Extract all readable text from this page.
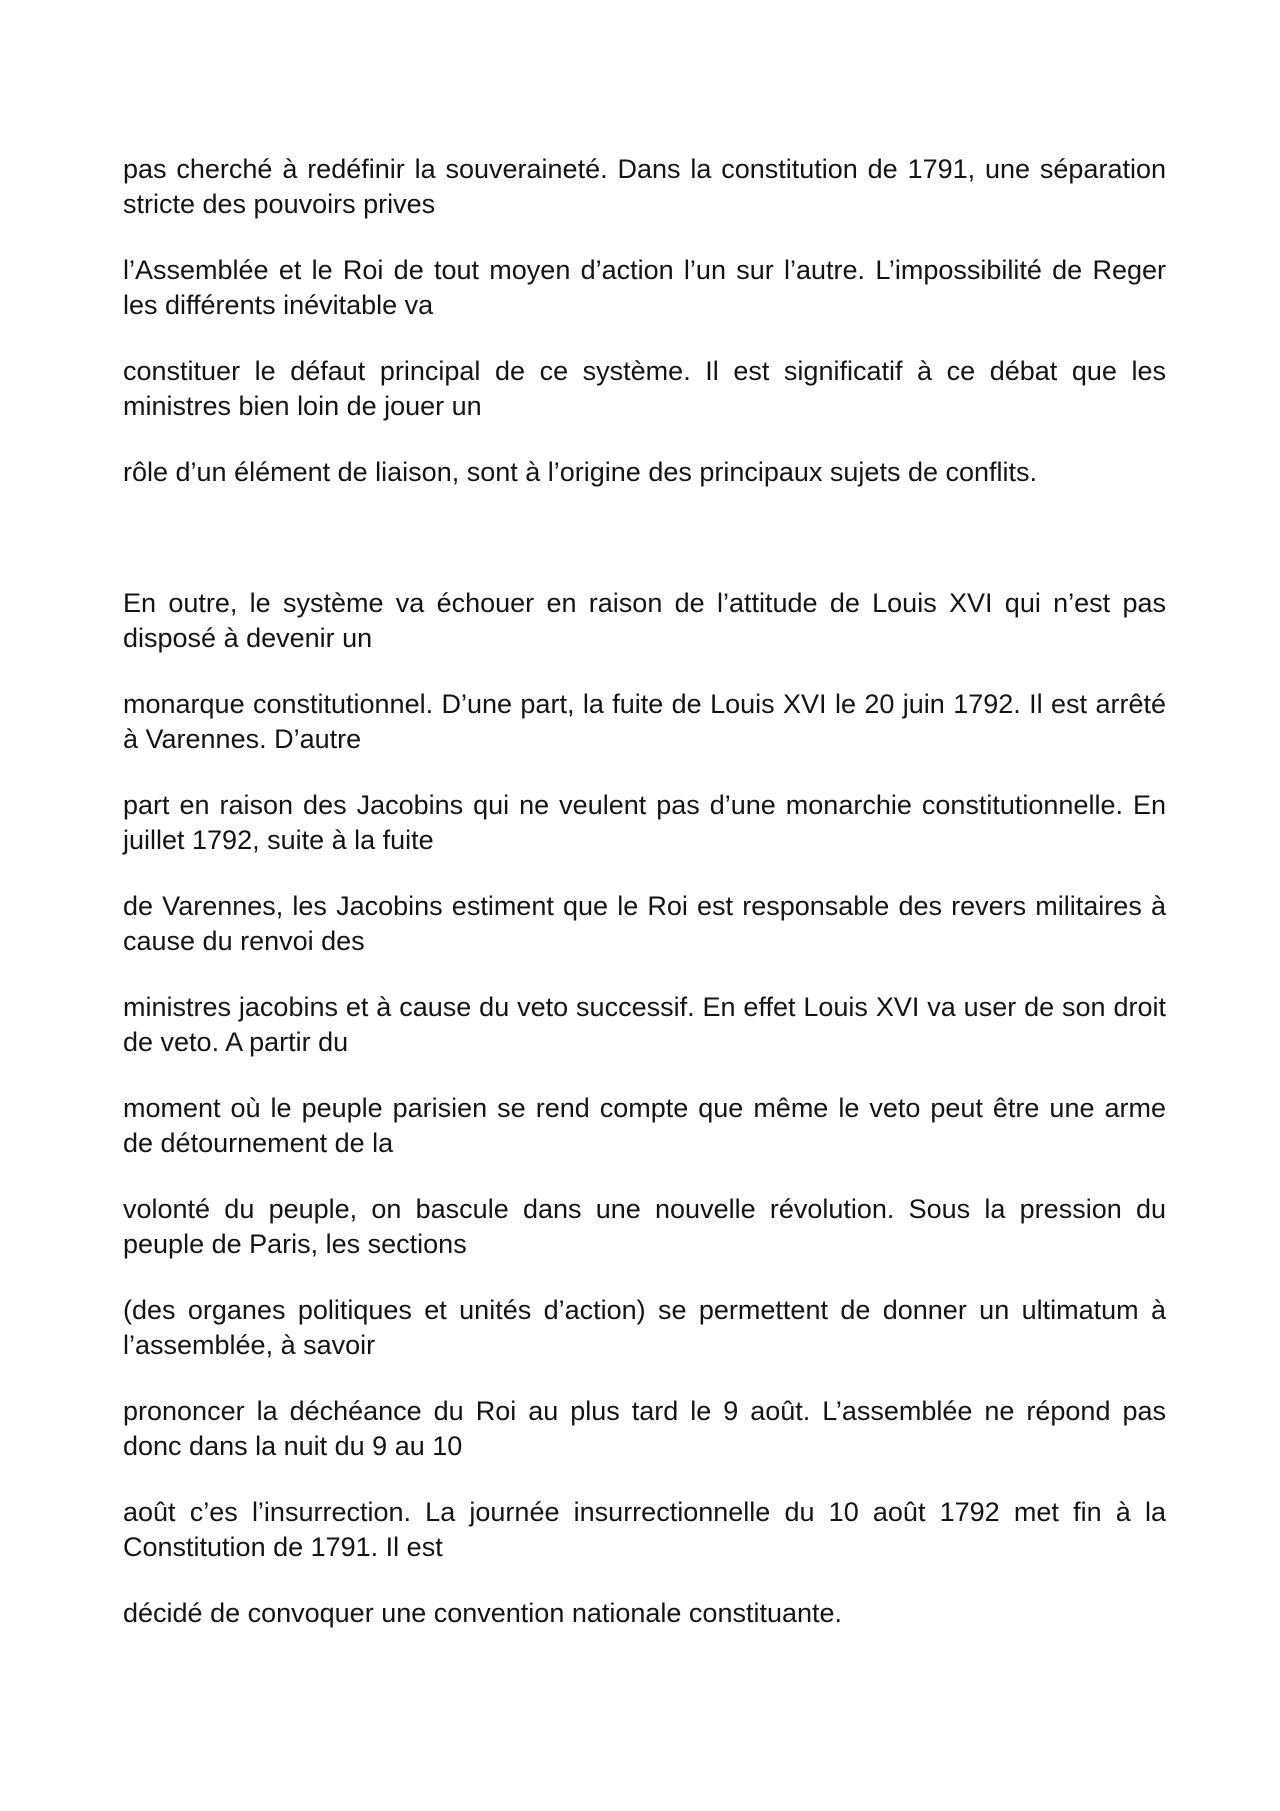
pas cherché à redéfinir la souveraineté. Dans la constitution de 1791, une séparation stricte des pouvoirs prives

l’Assemblée et le Roi de tout moyen d’action l’un sur l’autre. L’impossibilité de Reger les différents inévitable va

constituer le défaut principal de ce système. Il est significatif à ce débat que les ministres bien loin de jouer un

rôle d’un élément de liaison, sont à l’origine des principaux sujets de conflits.

En outre, le système va échouer en raison de l’attitude de Louis XVI qui n’est pas disposé à devenir un

monarque constitutionnel. D’une part, la fuite de Louis XVI le 20 juin 1792. Il est arrêté à Varennes. D’autre

part en raison des Jacobins qui ne veulent pas d’une monarchie constitutionnelle. En juillet 1792, suite à la fuite

de Varennes, les Jacobins estiment que le Roi est responsable des revers militaires à cause du renvoi des

ministres jacobins et à cause du veto successif. En effet Louis XVI va user de son droit de veto. A partir du

moment où le peuple parisien se rend compte que même le veto peut être une arme de détournement de la

volonté du peuple, on bascule dans une nouvelle révolution. Sous la pression du peuple de Paris, les sections

(des organes politiques et unités d’action) se permettent de donner un ultimatum à l’assemblée, à savoir

prononcer la déchéance du Roi au plus tard le 9 août. L’assemblée ne répond pas donc dans la nuit du 9 au 10

août c’es l’insurrection. La journée insurrectionnelle du 10 août 1792 met fin à la Constitution de 1791. Il est

décidé de convoquer une convention nationale constituante.
